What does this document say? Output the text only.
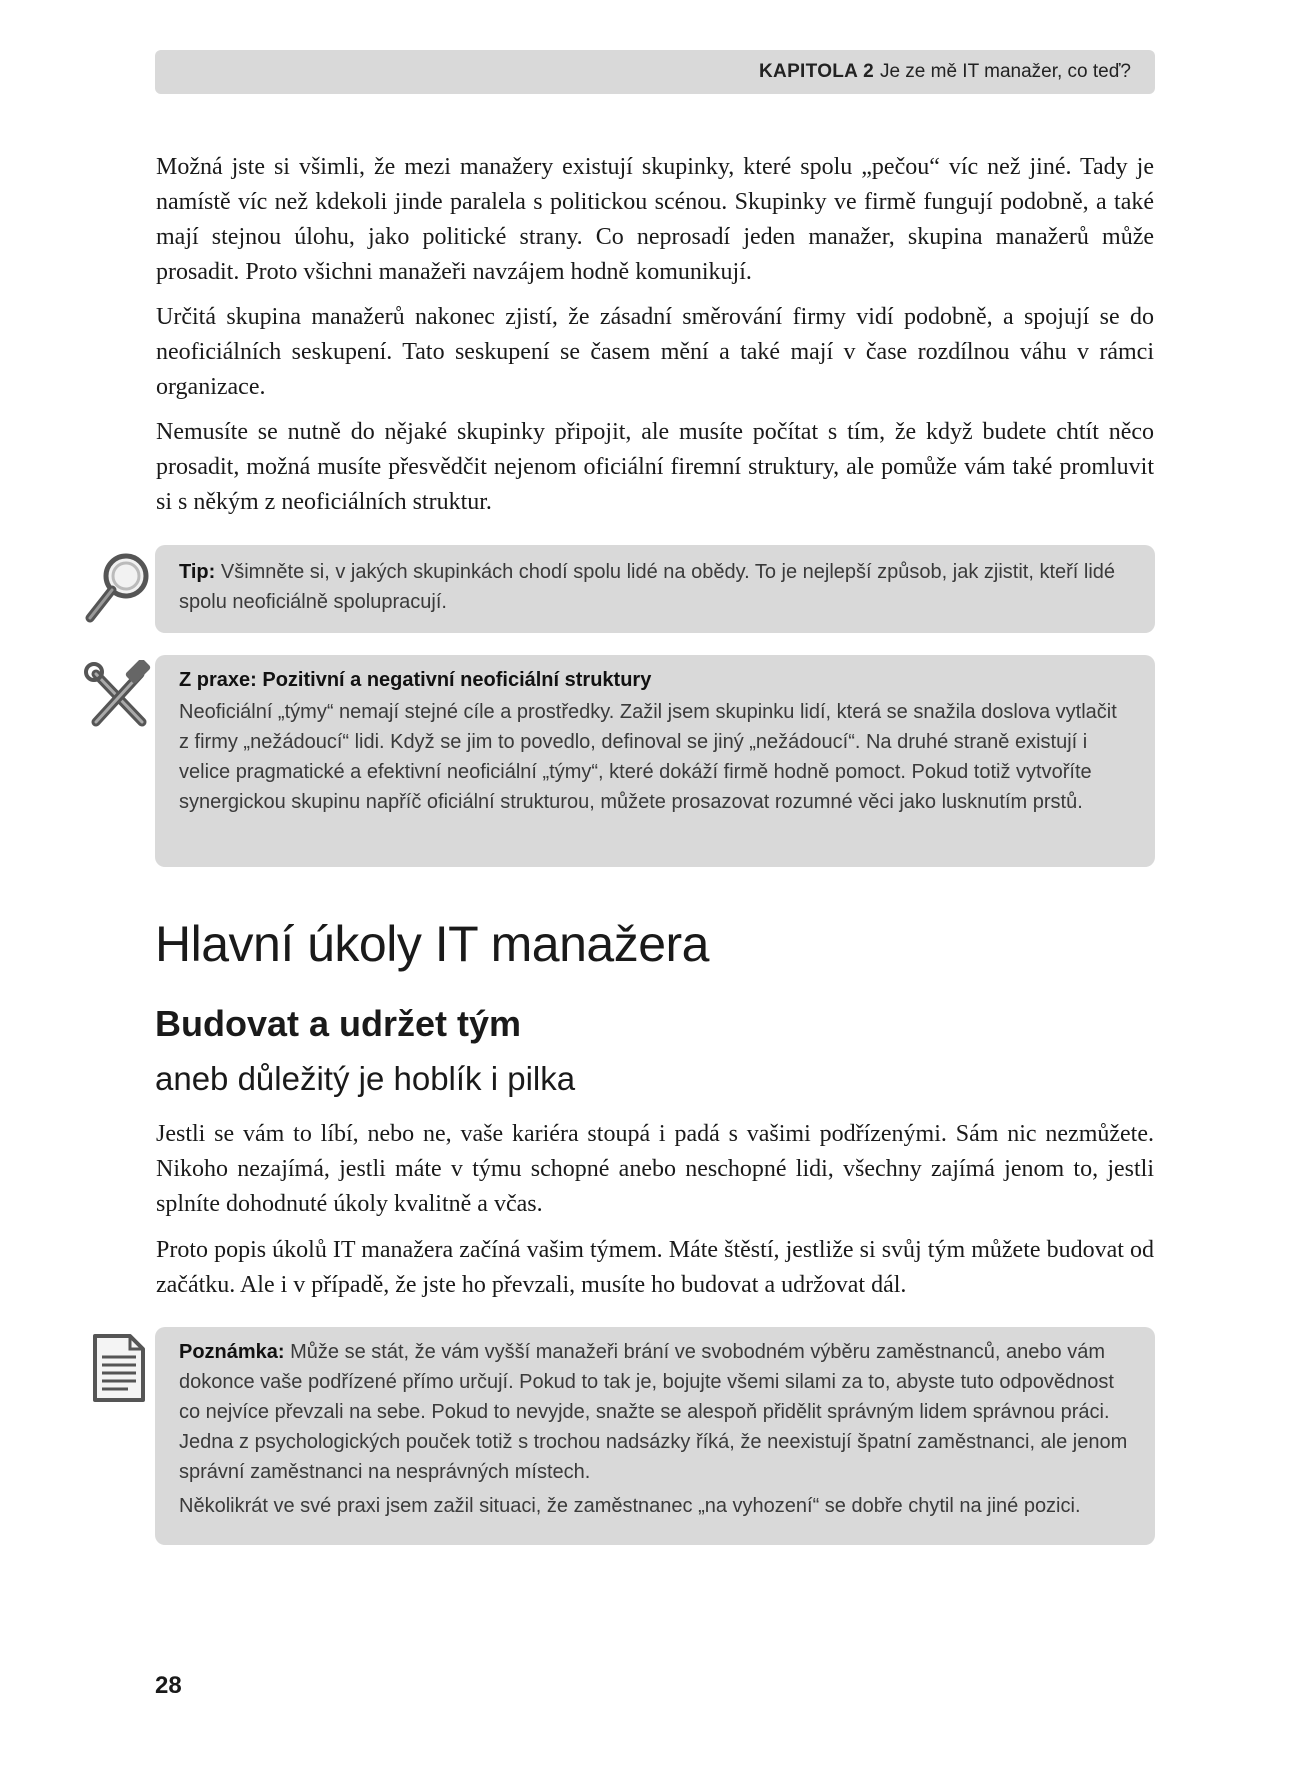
KAPITOLA 2 Je ze mě IT manažer, co teď?

Možná jste si všimli, že mezi manažery existují skupinky, které spolu „pečou“ víc než jiné. Tady je namístě víc než kdekoli jinde paralela s politickou scénou. Skupinky ve firmě fungují podobně, a také mají stejnou úlohu, jako politické strany. Co neprosadí jeden manažer, skupina manažerů může prosadit. Proto všichni manažeři navzájem hodně komunikují.

Určitá skupina manažerů nakonec zjistí, že zásadní směrování firmy vidí podobně, a spojují se do neoficiálních seskupení. Tato seskupení se časem mění a také mají v čase rozdílnou váhu v rámci organizace.

Nemusíte se nutně do nějaké skupinky připojit, ale musíte počítat s tím, že když budete chtít něco prosadit, možná musíte přesvědčit nejenom oficiální firemní struktury, ale pomůže vám také promluvit si s někým z neoficiálních struktur.

Tip: Všimněte si, v jakých skupinkách chodí spolu lidé na obědy. To je nejlepší způsob, jak zjistit, kteří lidé spolu neoficiálně spolupracují.

Z praxe: Pozitivní a negativní neoficiální struktury

Neoficiální „týmy“ nemají stejné cíle a prostředky. Zažil jsem skupinku lidí, která se snažila doslova vytlačit z firmy „nežádoucí“ lidi. Když se jim to povedlo, definoval se jiný „nežádoucí“. Na druhé straně existují i velice pragmatické a efektivní neoficiální „týmy“, které dokáží firmě hodně pomoct. Pokud totiž vytvoříte synergickou skupinu napříč oficiální strukturou, můžete prosazovat rozumné věci jako lusknutím prstů.

Hlavní úkoly IT manažera
Budovat a udržet tým
aneb důležitý je hoblík i pilka

Jestli se vám to líbí, nebo ne, vaše kariéra stoupá i padá s vašimi podřízenými. Sám nic nezmůžete. Nikoho nezajímá, jestli máte v týmu schopné anebo neschopné lidi, všechny zajímá jenom to, jestli splníte dohodnuté úkoly kvalitně a včas.

Proto popis úkolů IT manažera začíná vašim týmem. Máte štěstí, jestliže si svůj tým můžete budovat od začátku. Ale i v případě, že jste ho převzali, musíte ho budovat a udržovat dál.

Poznámka: Může se stát, že vám vyšší manažeři brání ve svobodném výběru zaměstnanců, anebo vám dokonce vaše podřízené přímo určují. Pokud to tak je, bojujte všemi silami za to, abyste tuto odpovědnost co nejvíce převzali na sebe. Pokud to nevyjde, snažte se alespoň přidělit správným lidem správnou práci. Jedna z psychologických pouček totiž s trochou nadsázky říká, že neexistují špatní zaměstnanci, ale jenom správní zaměstnanci na nesprávných místech.

Několikrát ve své praxi jsem zažil situaci, že zaměstnanec „na vyhození“ se dobře chytil na jiné pozici.

28
